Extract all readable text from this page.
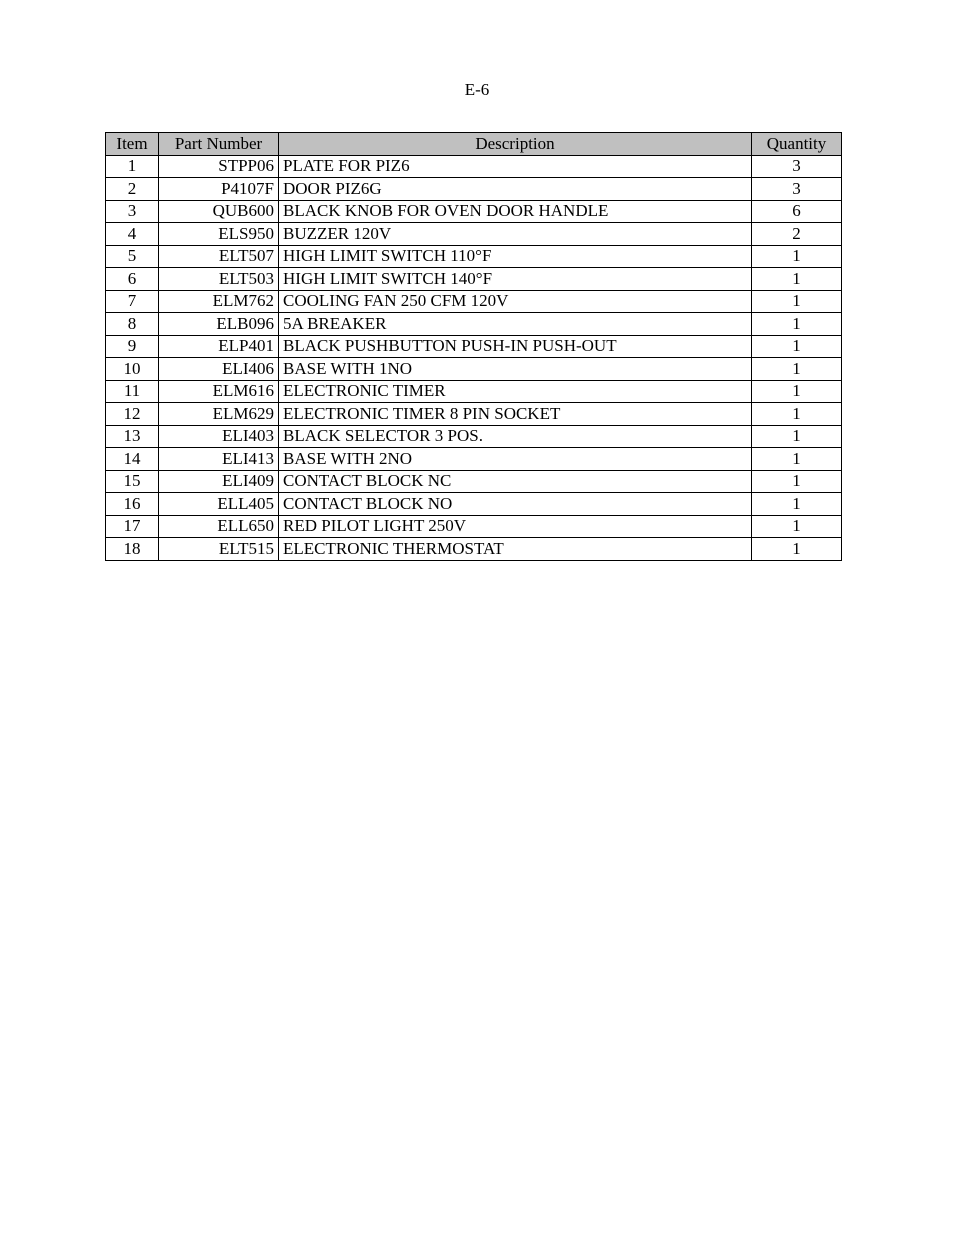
E-6
Item	Part Number	Description	Quantity
1	STPP06	PLATE FOR PIZ6	3
2	P4107F	DOOR PIZ6G	3
3	QUB600	BLACK KNOB FOR OVEN DOOR HANDLE	6
4	ELS950	BUZZER 120V	2
5	ELT507	HIGH LIMIT SWITCH 110°F	1
6	ELT503	HIGH LIMIT SWITCH 140°F	1
7	ELM762	COOLING FAN 250 CFM 120V	1
8	ELB096	5A BREAKER	1
9	ELP401	BLACK PUSHBUTTON PUSH-IN PUSH-OUT	1
10	ELI406	BASE WITH 1NO	1
11	ELM616	ELECTRONIC TIMER	1
12	ELM629	ELECTRONIC TIMER 8 PIN SOCKET	1
13	ELI403	BLACK SELECTOR 3 POS.	1
14	ELI413	BASE WITH 2NO	1
15	ELI409	CONTACT BLOCK NC	1
16	ELL405	CONTACT BLOCK NO	1
17	ELL650	RED PILOT LIGHT 250V	1
18	ELT515	ELECTRONIC THERMOSTAT	1
